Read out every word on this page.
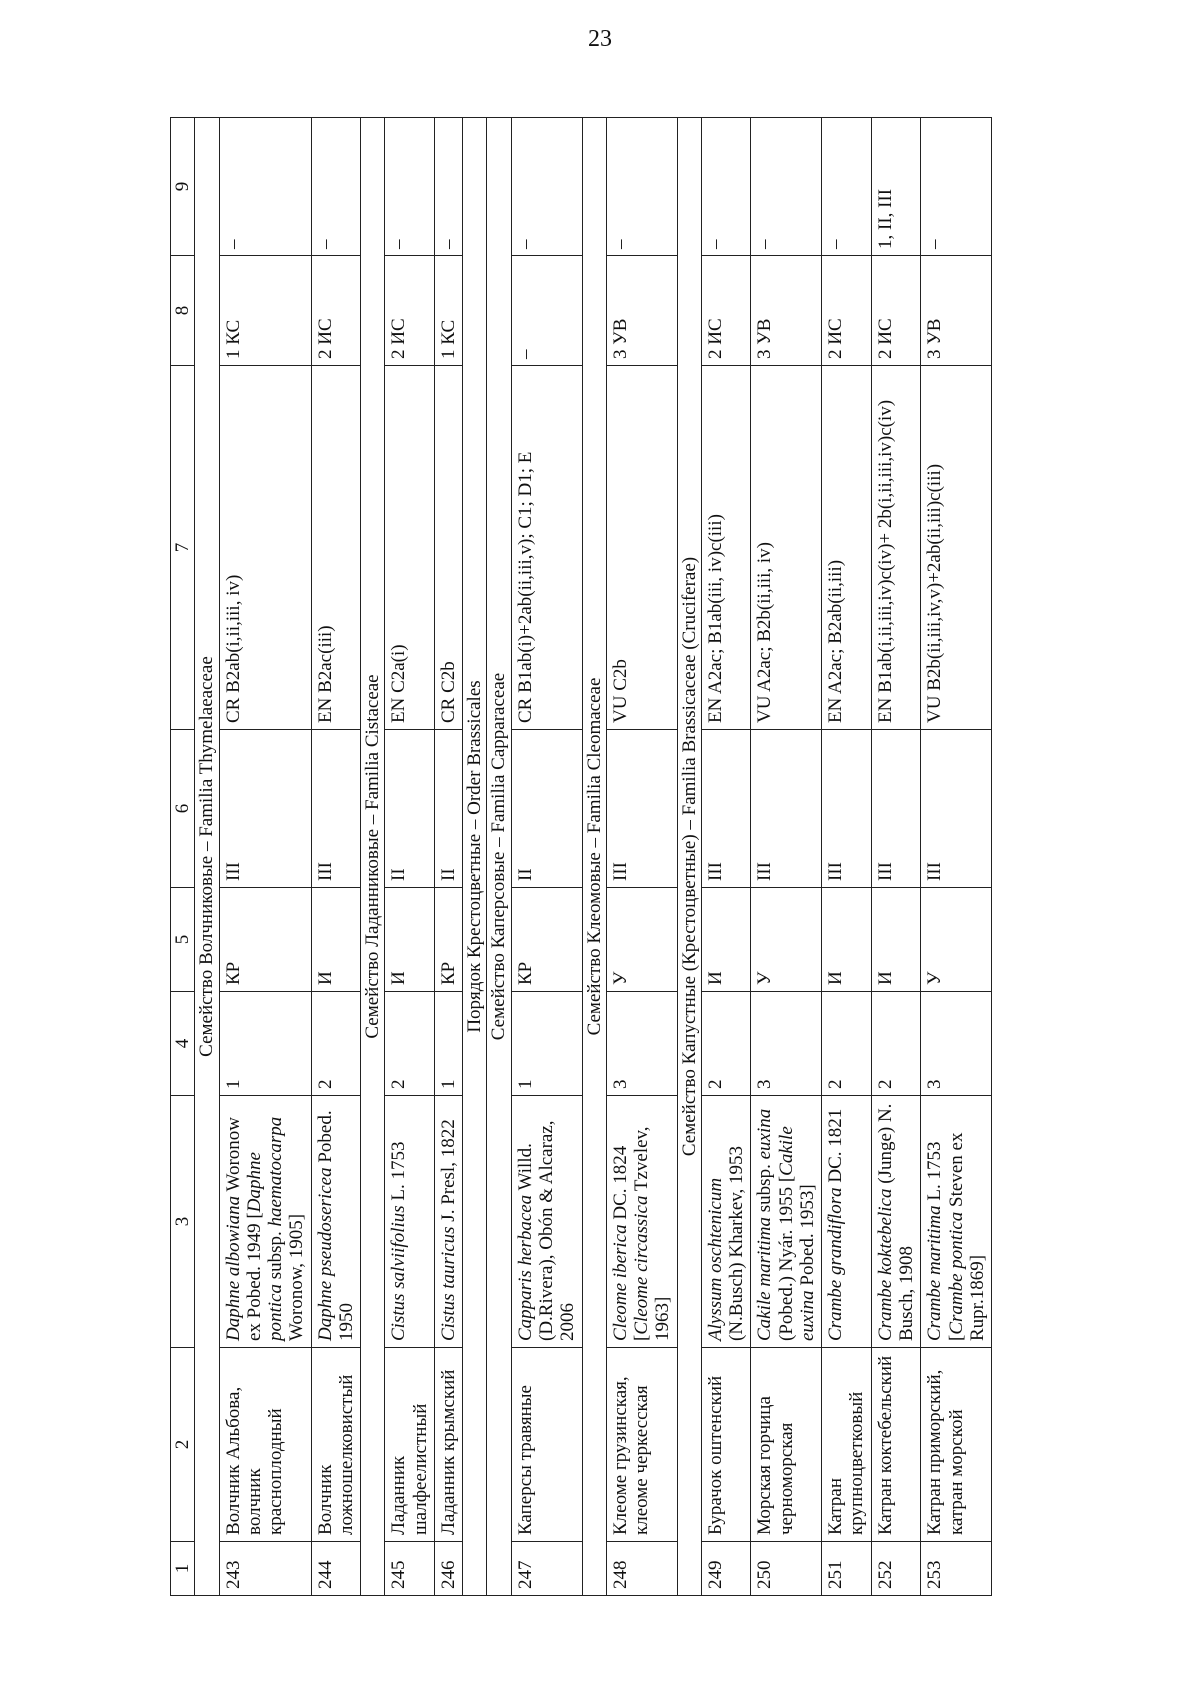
23
1	2	3	4	5	6	7	8	9
Семейство Волчниковые – Familia Thymelaeaceae								
243	Волчник Альбова, волчник краснoплодный	Daphne albowiana Woronow ex Pobed. 1949 [Daphne pontica subsp. haematocarpa Woronow, 1905]	1	КР	III	CR B2ab(i,ii,iii, iv)	1 КС	–
244	Волчник ложношелковистый	Daphne pseudosericea Pobed. 1950	2	И	III	EN B2ac(iii)	2 ИС	–
Семейство Ладанниковые – Familia Cistaceae								
245	Ладанник шалфеелистный	Cistus salviifolius L. 1753	2	И	II	EN C2a(i)	2 ИС	–
246	Ладанник крымский	Cistus tauricus J. Presl, 1822	1	КР	II	CR C2b	1 КС	–
Порядок Крестоцветные – Order Brassicales								
Семейство Каперсовые – Familia Capparaceae								
247	Каперсы травяные	Capparis herbacea Willd. (D.Rivera), Obón & Alcaraz, 2006	1	КР	II	CR B1ab(i)+2ab(ii,iii,v); C1; D1; E	–	–
Семейство Клеомовые – Familia Cleomaceae								
248	Клеоме грузинская, клеоме черкесская	Cleome iberica DC. 1824 [Cleome circassica Tzvelev, 1963]	3	У	III	VU C2b	3 УВ	–
Семейство Капустные (Крестоцветные) – Familia Brassicaceae (Cruciferae)								
249	Бурачок оштенский	Alyssum oschtenicum (N.Busch) Kharkev, 1953	2	И	III	EN A2ac; B1ab(iii, iv)c(iii)	2 ИС	–
250	Морская горчица черноморская	Cakile maritima subsp. euxina (Pobed.) Nyár. 1955 [Cakile euxina Pobed. 1953]	3	У	III	VU A2ac; B2b(ii,iii, iv)	3 УВ	–
251	Катран крупноцветковый	Crambe grandiflora DC. 1821	2	И	III	EN A2ac; B2ab(ii,iii)	2 ИС	–
252	Катран коктебельский	Crambe koktebelica (Junge) N. Busch, 1908	2	И	III	EN B1ab(i,ii,iii,iv)c(iv)+ 2b(i,ii,iii,iv)c(iv)	2 ИС	1, II, III
253	Катран приморский, катран морской	Crambe maritima L. 1753 [Crambe pontica Steven ex Rupr.1869]	3	У	III	VU B2b(ii,iii,iv,v)+2ab(ii,iii)c(iii)	3 УВ	–
